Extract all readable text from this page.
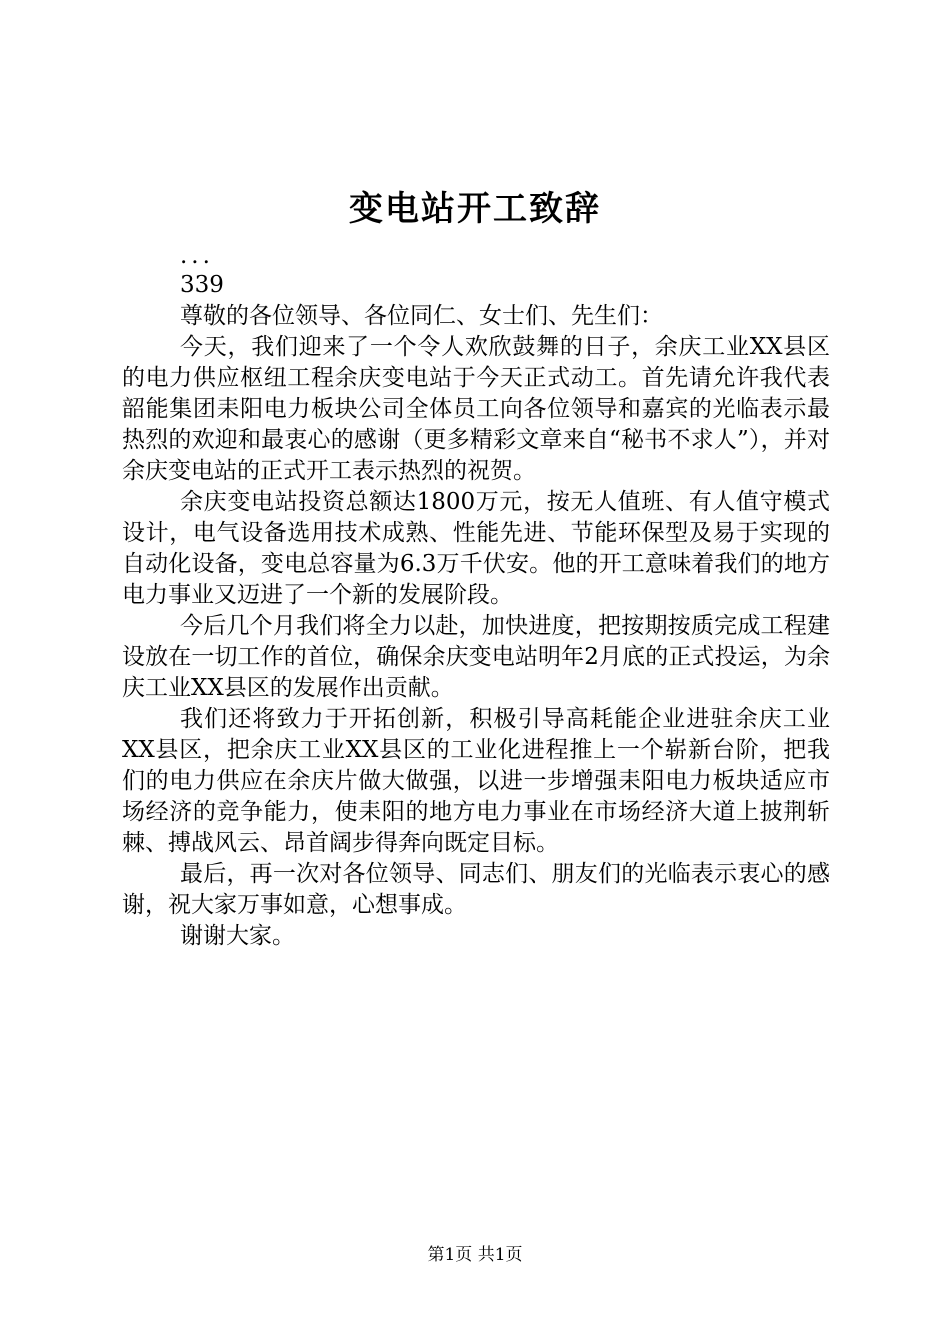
变电站开工致辞

...

339

尊敬的各位领导、各位同仁、女士们、先生们：

今天，我们迎来了一个令人欢欣鼓舞的日子，余庆工业XX县区的电力供应枢纽工程余庆变电站于今天正式动工。首先请允许我代表韶能集团耒阳电力板块公司全体员工向各位领导和嘉宾的光临表示最热烈的欢迎和最衷心的感谢（更多精彩文章来自“秘书不求人”），并对余庆变电站的正式开工表示热烈的祝贺。

余庆变电站投资总额达1800万元，按无人值班、有人值守模式设计，电气设备选用技术成熟、性能先进、节能环保型及易于实现的自动化设备，变电总容量为6.3万千伏安。他的开工意味着我们的地方电力事业又迈进了一个新的发展阶段。

今后几个月我们将全力以赴，加快进度，把按期按质完成工程建设放在一切工作的首位，确保余庆变电站明年2月底的正式投运，为余庆工业XX县区的发展作出贡献。

我们还将致力于开拓创新，积极引导高耗能企业进驻余庆工业XX县区，把余庆工业XX县区的工业化进程推上一个崭新台阶，把我们的电力供应在余庆片做大做强，以进一步增强耒阳电力板块适应市场经济的竞争能力，使耒阳的地方电力事业在市场经济大道上披荆斩棘、搏战风云、昂首阔步得奔向既定目标。

最后，再一次对各位领导、同志们、朋友们的光临表示衷心的感谢，祝大家万事如意，心想事成。

谢谢大家。

第1页 共1页
